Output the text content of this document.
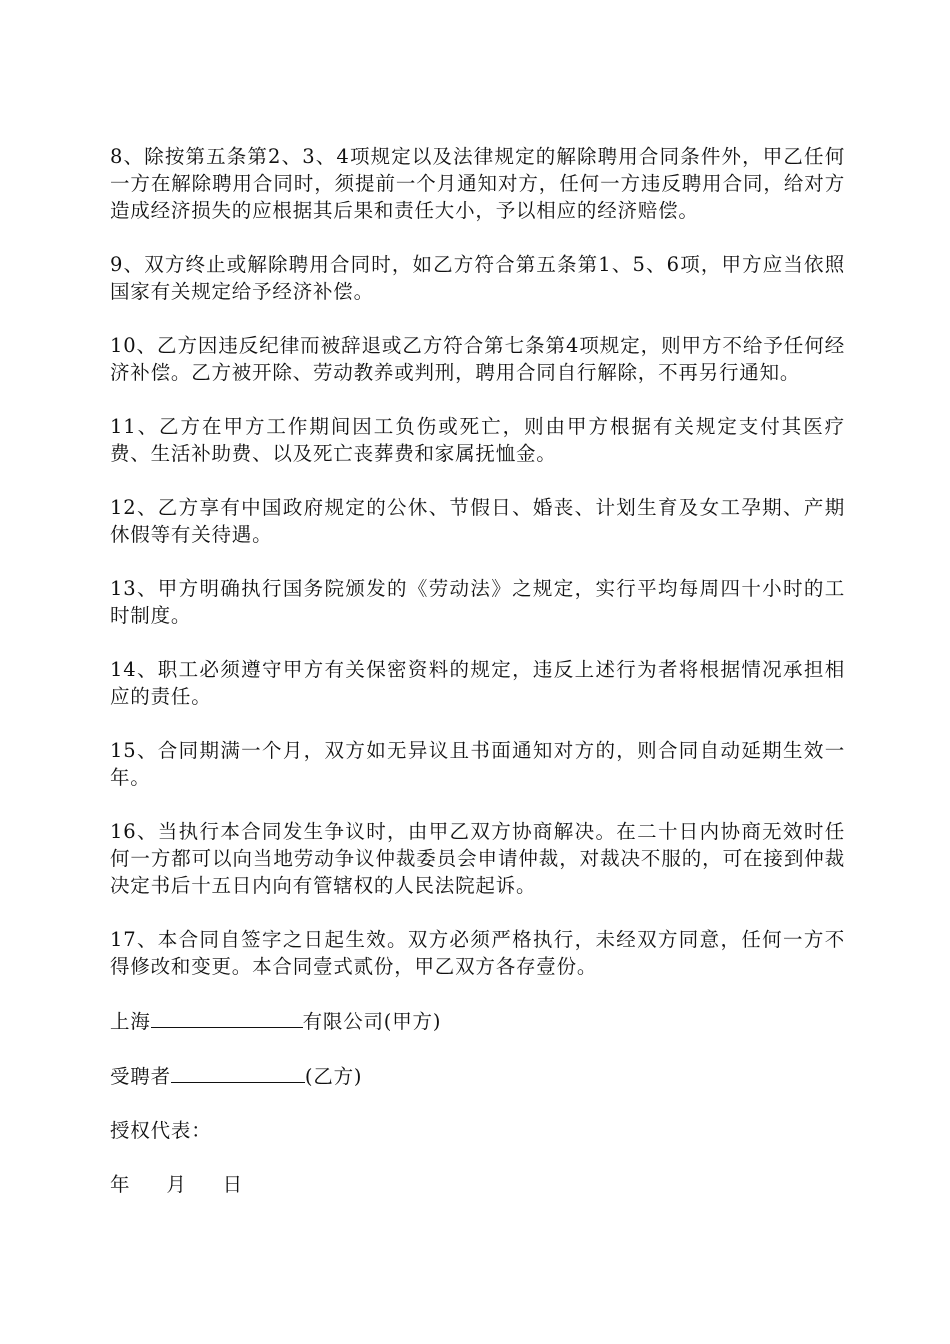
8、除按第五条第2、3、4项规定以及法律规定的解除聘用合同条件外，甲乙任何一方在解除聘用合同时，须提前一个月通知对方，任何一方违反聘用合同，给对方造成经济损失的应根据其后果和责任大小，予以相应的经济赔偿。

9、双方终止或解除聘用合同时，如乙方符合第五条第1、5、6项，甲方应当依照国家有关规定给予经济补偿。

10、乙方因违反纪律而被辞退或乙方符合第七条第4项规定，则甲方不给予任何经济补偿。乙方被开除、劳动教养或判刑，聘用合同自行解除，不再另行通知。

11、乙方在甲方工作期间因工负伤或死亡，则由甲方根据有关规定支付其医疗费、生活补助费、以及死亡丧葬费和家属抚恤金。

12、乙方享有中国政府规定的公休、节假日、婚丧、计划生育及女工孕期、产期休假等有关待遇。

13、甲方明确执行国务院颁发的《劳动法》之规定，实行平均每周四十小时的工时制度。

14、职工必须遵守甲方有关保密资料的规定，违反上述行为者将根据情况承担相应的责任。

15、合同期满一个月，双方如无异议且书面通知对方的，则合同自动延期生效一年。

16、当执行本合同发生争议时，由甲乙双方协商解决。在二十日内协商无效时任何一方都可以向当地劳动争议仲裁委员会申请仲裁，对裁决不服的，可在接到仲裁决定书后十五日内向有管辖权的人民法院起诉。

17、本合同自签字之日起生效。双方必须严格执行，未经双方同意，任何一方不得修改和变更。本合同壹式贰份，甲乙双方各存壹份。

上海	有限公司(甲方)
受聘者	(乙方)
授权代表：
年 月 日
